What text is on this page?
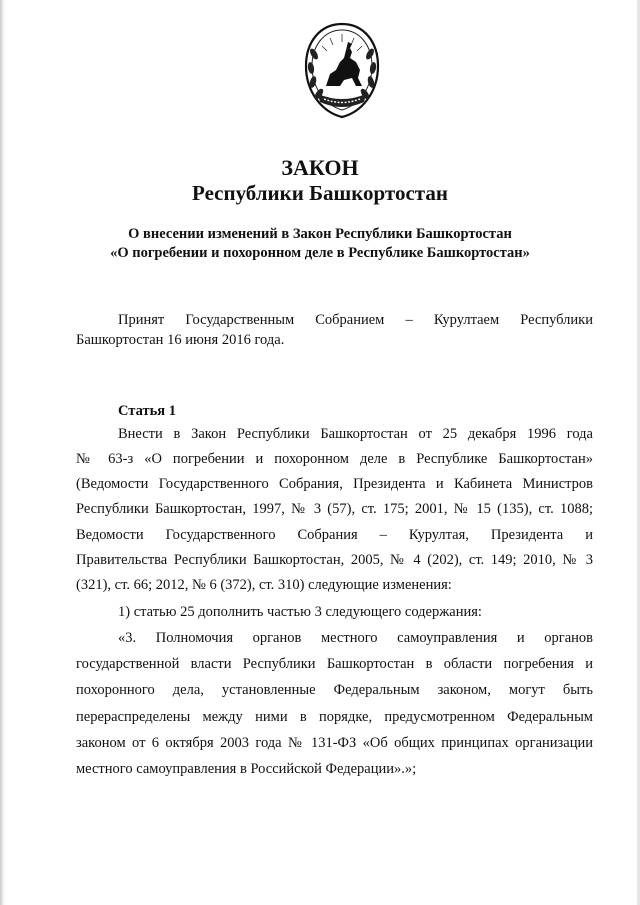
ЗАКОН
Республики Башкортостан
О внесении изменений в Закон Республики Башкортостан
«О погребении и похоронном деле в Республике Башкортостан»
Принят Государственным Собранием – Курултаем Республики
Башкортостан 16 июня 2016 года.
Статья 1
Внести в Закон Республики Башкортостан от 25 декабря 1996 года
№ 63-з «О погребении и похоронном деле в Республике Башкортостан»
(Ведомости Государственного Собрания, Президента и Кабинета Министров
Республики Башкортостан, 1997, № 3 (57), ст. 175; 2001, № 15 (135), ст. 1088;
Ведомости Государственного Собрания – Курултая, Президента и
Правительства Республики Башкортостан, 2005, № 4 (202), ст. 149; 2010, № 3
(321), ст. 66; 2012, № 6 (372), ст. 310) следующие изменения:
1) статью 25 дополнить частью 3 следующего содержания:
«3. Полномочия органов местного самоуправления и органов
государственной власти Республики Башкортостан в области погребения и
похоронного дела, установленные Федеральным законом, могут быть
перераспределены между ними в порядке, предусмотренном Федеральным
законом от 6 октября 2003 года № 131-ФЗ «Об общих принципах организации
местного самоуправления в Российской Федерации».»;
